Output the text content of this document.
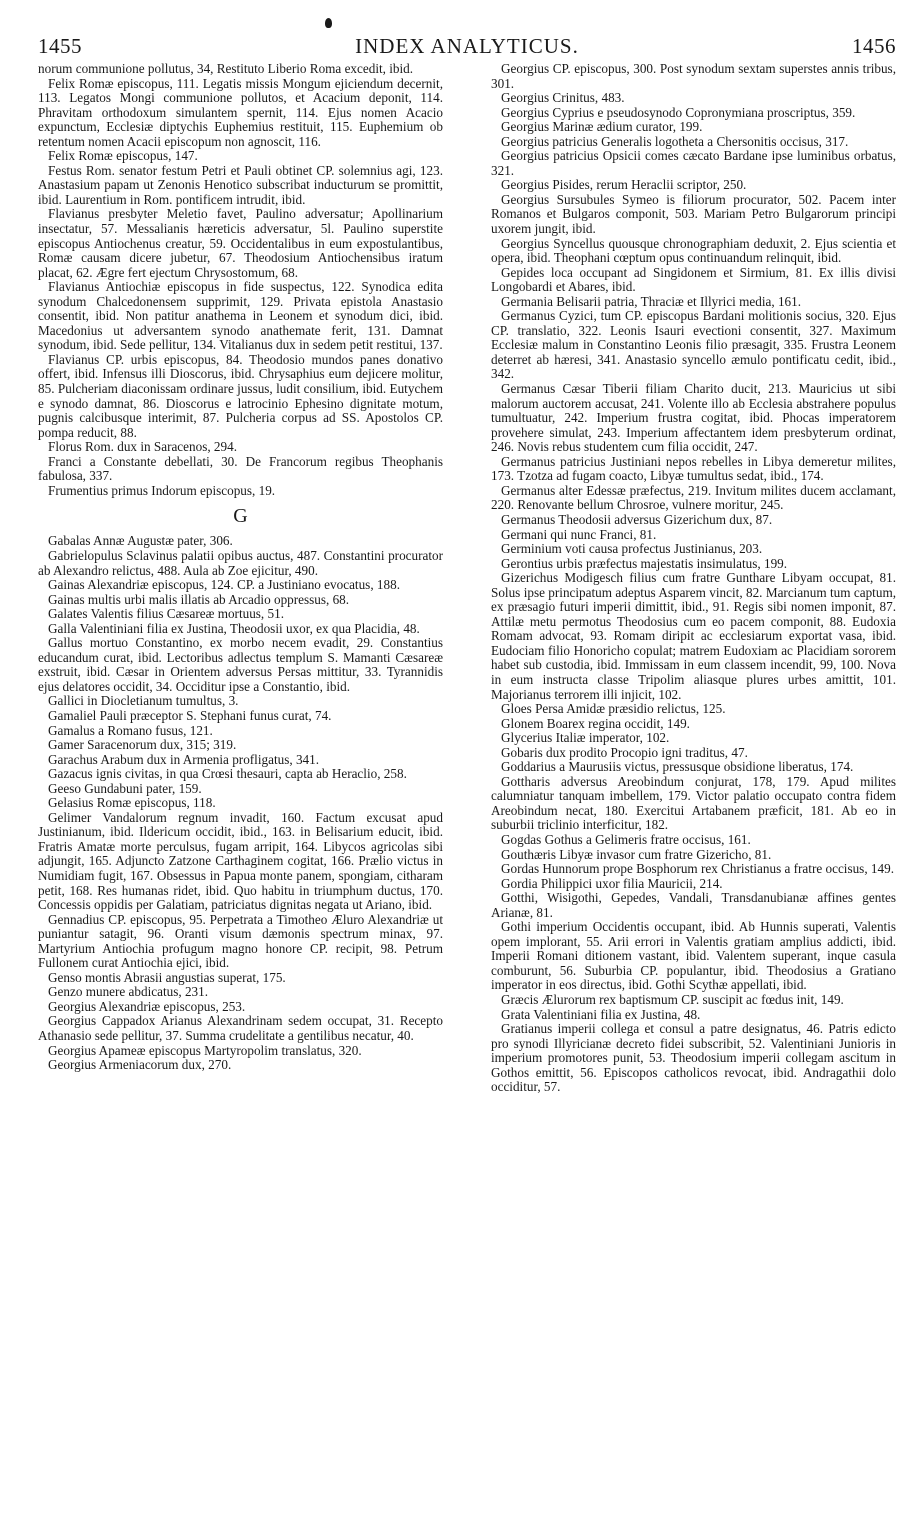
1455	INDEX ANALYTICUS.	1456

norum communione pollutus, 34, Restituto Liberio Roma excedit, ibid.

Felix Romæ episcopus, 111. Legatis missis Mongum ejiciendum decernit, 113. Legatos Mongi communione pollutos, et Acacium deponit, 114. Phravitam orthodoxum simulantem spernit, 114. Ejus nomen Acacio expunctum, Ecclesiæ diptychis Euphemius restituit, 115. Euphemium ob retentum nomen Acacii episcopum non agnoscit, 116.

Felix Romæ episcopus, 147.

Festus Rom. senator festum Petri et Pauli obtinet CP. solemnius agi, 123. Anastasium papam ut Zenonis Henotico subscribat inducturum se promittit, ibid. Laurentium in Rom. pontificem intrudit, ibid.

Flavianus presbyter Meletio favet, Paulino adversatur; Apollinarium insectatur, 57. Messalianis hæreticis adversatur, 5l. Paulino superstite episcopus Antiochenus creatur, 59. Occidentalibus in eum expostulantibus, Romæ causam dicere jubetur, 67. Theodosium Antiochensibus iratum placat, 62. Ægre fert ejectum Chrysostomum, 68.

Flavianus Antiochiæ episcopus in fide suspectus, 122. Synodica edita synodum Chalcedonensem supprimit, 129. Privata epistola Anastasio consentit, ibid. Non patitur anathema in Leonem et synodum dici, ibid. Macedonius ut adversantem synodo anathemate ferit, 131. Damnat synodum, ibid. Sede pellitur, 134. Vitalianus dux in sedem petit restitui, 137.

Flavianus CP. urbis episcopus, 84. Theodosio mundos panes donativo offert, ibid. Infensus illi Dioscorus, ibid. Chrysaphius eum dejicere molitur, 85. Pulcheriam diaconissam ordinare jussus, ludit consilium, ibid. Eutychem e synodo damnat, 86. Dioscorus e latrocinio Ephesino dignitate motum, pugnis calcibusque interimit, 87. Pulcheria corpus ad SS. Apostolos CP. pompa reducit, 88.

Florus Rom. dux in Saracenos, 294.

Franci a Constante debellati, 30. De Francorum regibus Theophanis fabulosa, 337.

Frumentius primus Indorum episcopus, 19.

G

Gabalas Annæ Augustæ pater, 306.

Gabrielopulus Sclavinus palatii opibus auctus, 487. Constantini procurator ab Alexandro relictus, 488. Aula ab Zoe ejicitur, 490.

Gainas Alexandriæ episcopus, 124. CP. a Justiniano evocatus, 188.

Gainas multis urbi malis illatis ab Arcadio oppressus, 68.

Galates Valentis filius Cæsareæ mortuus, 51.

Galla Valentiniani filia ex Justina, Theodosii uxor, ex qua Placidia, 48.

Gallus mortuo Constantino, ex morbo necem evadit, 29. Constantius educandum curat, ibid. Lectoribus adlectus templum S. Mamanti Cæsareæ exstruit, ibid. Cæsar in Orientem adversus Persas mittitur, 33. Tyrannidis ejus delatores occidit, 34. Occiditur ipse a Constantio, ibid.

Gallici in Diocletianum tumultus, 3.

Gamaliel Pauli præceptor S. Stephani funus curat, 74.

Gamalus a Romano fusus, 121.

Gamer Saracenorum dux, 315; 319.

Garachus Arabum dux in Armenia profligatus, 341.

Gazacus ignis civitas, in qua Crœsi thesauri, capta ab Heraclio, 258.

Geeso Gundabuni pater, 159.

Gelasius Romæ episcopus, 118.

Gelimer Vandalorum regnum invadit, 160. Factum excusat apud Justinianum, ibid. Ildericum occidit, ibid., 163. in Belisarium educit, ibid. Fratris Amatæ morte perculsus, fugam arripit, 164. Libycos agricolas sibi adjungit, 165. Adjuncto Zatzone Carthaginem cogitat, 166. Prælio victus in Numidiam fugit, 167. Obsessus in Papua monte panem, spongiam, citharam petit, 168. Res humanas ridet, ibid. Quo habitu in triumphum ductus, 170. Concessis oppidis per Galatiam, patriciatus dignitas negata ut Ariano, ibid.

Gennadius CP. episcopus, 95. Perpetrata a Timotheo Æluro Alexandriæ ut puniantur satagit, 96. Oranti visum dæmonis spectrum minax, 97. Martyrium Antiochia profugum magno honore CP. recipit, 98. Petrum Fullonem curat Antiochia ejici, ibid.

Genso montis Abrasii angustias superat, 175.

Genzo munere abdicatus, 231.

Georgius Alexandriæ episcopus, 253.

Georgius Cappadox Arianus Alexandrinam sedem occupat, 31. Recepto Athanasio sede pellitur, 37. Summa crudelitate a gentilibus necatur, 40.

Georgius Apameæ episcopus Martyropolim translatus, 320.

Georgius Armeniacorum dux, 270.

Georgius CP. episcopus, 300. Post synodum sextam superstes annis tribus, 301.

Georgius Crinitus, 483.

Georgius Cyprius e pseudosynodo Copronymiana proscriptus, 359.

Georgius Marinæ ædium curator, 199.

Georgius patricius Generalis logotheta a Chersonitis occisus, 317.

Georgius patricius Opsicii comes cæcato Bardane ipse luminibus orbatus, 321.

Georgius Pisides, rerum Heraclii scriptor, 250.

Georgius Sursubules Symeo is filiorum procurator, 502. Pacem inter Romanos et Bulgaros componit, 503. Mariam Petro Bulgarorum principi uxorem jungit, ibid.

Georgius Syncellus quousque chronographiam deduxit, 2. Ejus scientia et opera, ibid. Theophani cœptum opus continuandum relinquit, ibid.

Gepides loca occupant ad Singidonem et Sirmium, 81. Ex illis divisi Longobardi et Abares, ibid.

Germania Belisarii patria, Thraciæ et Illyrici media, 161.

Germanus Cyzici, tum CP. episcopus Bardani molitionis socius, 320. Ejus CP. translatio, 322. Leonis Isauri evectioni consentit, 327. Maximum Ecclesiæ malum in Constantino Leonis filio præsagit, 335. Frustra Leonem deterret ab hæresi, 341. Anastasio syncello æmulo pontificatu cedit, ibid., 342.

Germanus Cæsar Tiberii filiam Charito ducit, 213. Mauricius ut sibi malorum auctorem accusat, 241. Volente illo ab Ecclesia abstrahere populus tumultuatur, 242. Imperium frustra cogitat, ibid. Phocas imperatorem provehere simulat, 243. Imperium affectantem idem presbyterum ordinat, 246. Novis rebus studentem cum filia occidit, 247.

Germanus patricius Justiniani nepos rebelles in Libya demeretur milites, 173. Tzotza ad fugam coacto, Libyæ tumultus sedat, ibid., 174.

Germanus alter Edessæ præfectus, 219. Invitum milites ducem acclamant, 220. Renovante bellum Chrosroe, vulnere moritur, 245.

Germanus Theodosii adversus Gizerichum dux, 87.

Germani qui nunc Franci, 81.

Germinium voti causa profectus Justinianus, 203.

Gerontius urbis præfectus majestatis insimulatus, 199.

Gizerichus Modigesch filius cum fratre Gunthare Libyam occupat, 81. Solus ipse principatum adeptus Asparem vincit, 82. Marcianum tum captum, ex præsagio futuri imperii dimittit, ibid., 91. Regis sibi nomen imponit, 87. Attilæ metu permotus Theodosius cum eo pacem componit, 88. Eudoxia Romam advocat, 93. Romam diripit ac ecclesiarum exportat vasa, ibid. Eudociam filio Honoricho copulat; matrem Eudoxiam ac Placidiam sororem habet sub custodia, ibid. Immissam in eum classem incendit, 99, 100. Nova in eum instructa classe Tripolim aliasque plures urbes amittit, 101. Majorianus terrorem illi injicit, 102.

Gloes Persa Amidæ præsidio relictus, 125.

Glonem Boarex regina occidit, 149.

Glycerius Italiæ imperator, 102.

Gobaris dux prodito Procopio igni traditus, 47.

Goddarius a Maurusiis victus, pressusque obsidione liberatus, 174.

Gottharis adversus Areobindum conjurat, 178, 179. Apud milites calumniatur tanquam imbellem, 179. Victor palatio occupato contra fidem Areobindum necat, 180. Exercitui Artabanem præficit, 181. Ab eo in suburbii triclinio interficitur, 182.

Gogdas Gothus a Gelimeris fratre occisus, 161.

Gouthæris Libyæ invasor cum fratre Gizericho, 81.

Gordas Hunnorum prope Bosphorum rex Christianus a fratre occisus, 149.

Gordia Philippici uxor filia Mauricii, 214.

Gotthi, Wisigothi, Gepedes, Vandali, Transdanubianæ affines gentes Arianæ, 81.

Gothi imperium Occidentis occupant, ibid. Ab Hunnis superati, Valentis opem implorant, 55. Arii errori in Valentis gratiam amplius addicti, ibid. Imperii Romani ditionem vastant, ibid. Valentem superant, inque casula comburunt, 56. Suburbia CP. populantur, ibid. Theodosius a Gratiano imperator in eos directus, ibid. Gothi Scythæ appellati, ibid.

Græcis Ælurorum rex baptismum CP. suscipit ac fœdus init, 149.

Grata Valentiniani filia ex Justina, 48.

Gratianus imperii collega et consul a patre designatus, 46. Patris edicto pro synodi Illyricianæ decreto fidei subscribit, 52. Valentiniani Junioris in imperium promotores punit, 53. Theodosium imperii collegam ascitum in Gothos emittit, 56. Episcopos catholicos revocat, ibid. Andragathii dolo occiditur, 57.
